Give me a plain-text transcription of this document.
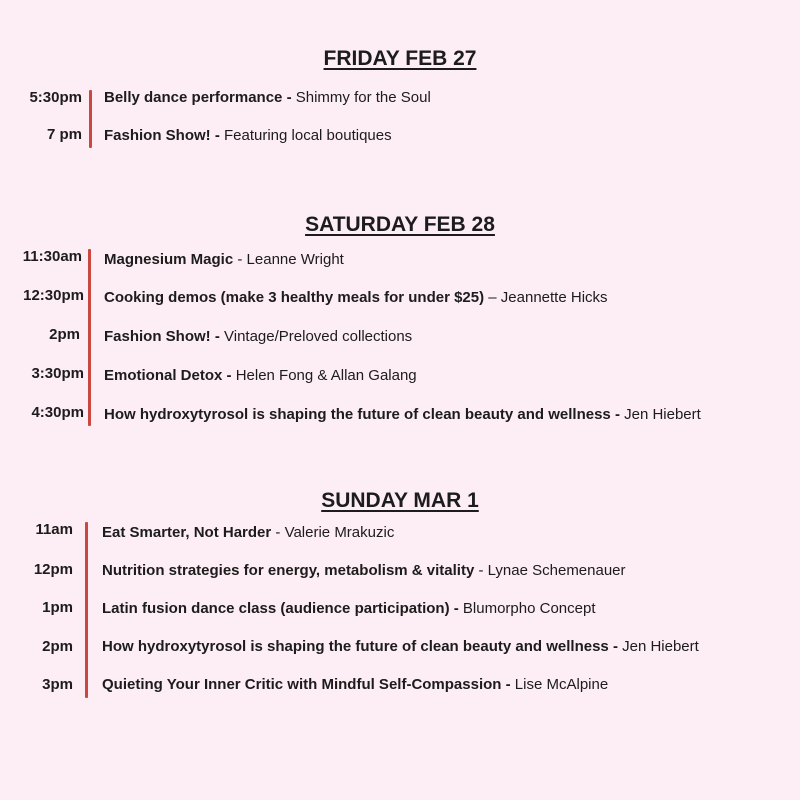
FRIDAY FEB 27
5:30pm Belly dance performance - Shimmy for the Soul
7 pm Fashion Show! - Featuring local boutiques
SATURDAY FEB 28
11:30am Magnesium Magic - Leanne Wright
12:30pm Cooking demos (make 3 healthy meals for under $25) – Jeannette Hicks
2pm Fashion Show! - Vintage/Preloved collections
3:30pm Emotional Detox - Helen Fong & Allan Galang
4:30pm How hydroxytyrosol is shaping the future of clean beauty and wellness - Jen Hiebert
SUNDAY MAR 1
11am Eat Smarter, Not Harder - Valerie Mrakuzic
12pm Nutrition strategies for energy, metabolism & vitality - Lynae Schemenauer
1pm Latin fusion dance class (audience participation) - Blumorpho Concept
2pm How hydroxytyrosol is shaping the future of clean beauty and wellness - Jen Hiebert
3pm Quieting Your Inner Critic with Mindful Self-Compassion - Lise McAlpine
